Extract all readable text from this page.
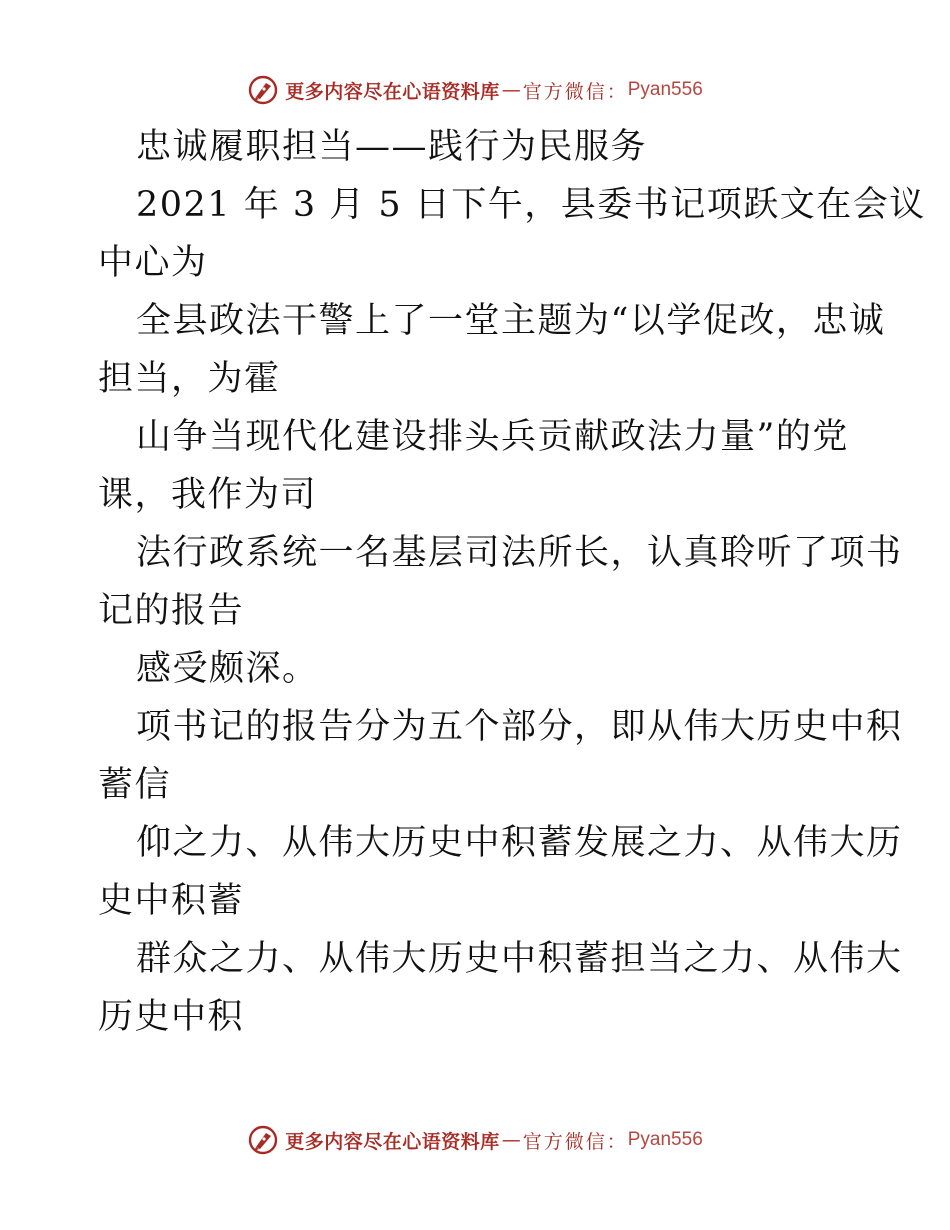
更多内容尽在心语资料库 — 官方微信： Pyan556
忠诚履职担当——践行为民服务
2021 年 3 月 5 日下午，县委书记项跃文在会议
中心为
全县政法干警上了一堂主题为“以学促改，忠诚
担当，为霍
山争当现代化建设排头兵贡献政法力量”的党
课，我作为司
法行政系统一名基层司法所长，认真聆听了项书
记的报告
感受颇深。
项书记的报告分为五个部分，即从伟大历史中积
蓄信
仰之力、从伟大历史中积蓄发展之力、从伟大历
史中积蓄
群众之力、从伟大历史中积蓄担当之力、从伟大
历史中积
更多内容尽在心语资料库 — 官方微信： Pyan556
